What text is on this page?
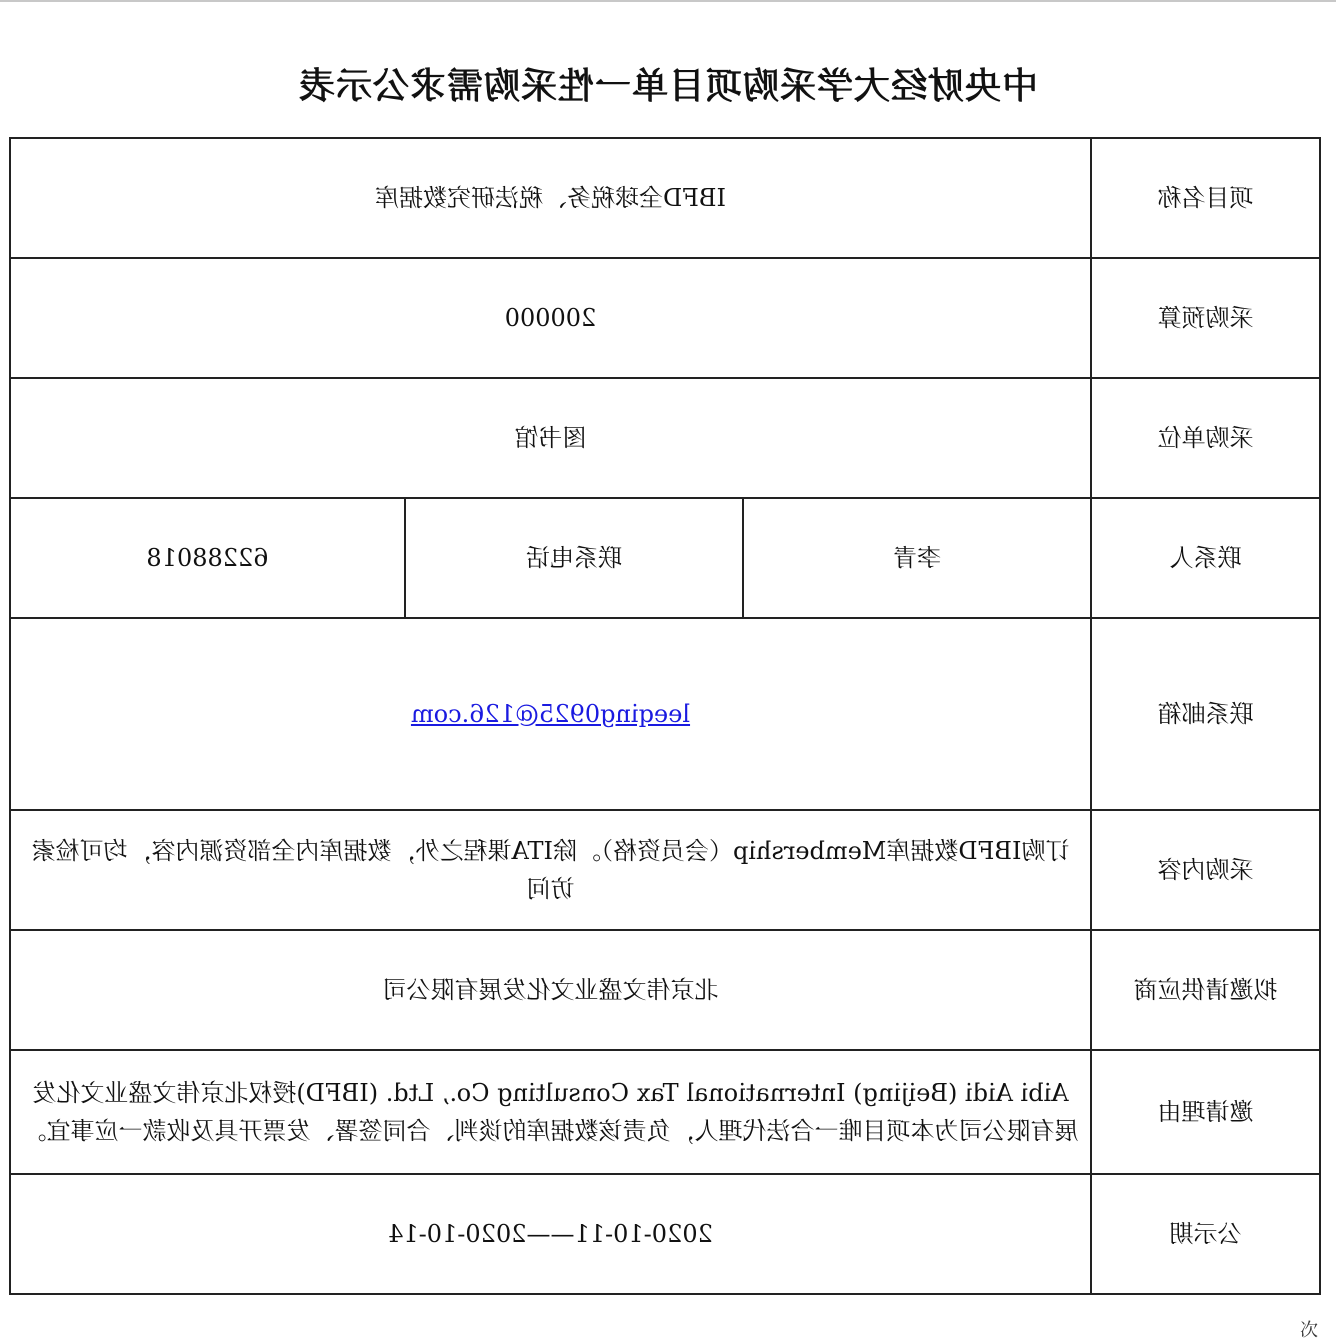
中央财经大学采购项目单一性采购需求公示表
项目名称	IBFD全球税务、税法研究数据库		
采购预算	200000		
采购单位	图书馆		
联系人	李青	联系电话	62288018
联系邮箱	leeqing0925@126.com		
采购内容	订购IBFD数据库Membership（会员资格）。除ITA课程之外，数据库内全部资源内容，均可检索访问		
拟邀请供应商	北京伟文盛业文化发展有限公司		
邀请理由	Aibi Aidi (Beijing) International Tax Consulting Co., Ltd. (IBFD)授权北京伟文盛业文化发展有限公司为本项目唯一合法代理人，负责该数据库的谈判、合同签署、发票开具及收款一应事宜。		
公示期	2020-10-11——2020-10-14		
次
